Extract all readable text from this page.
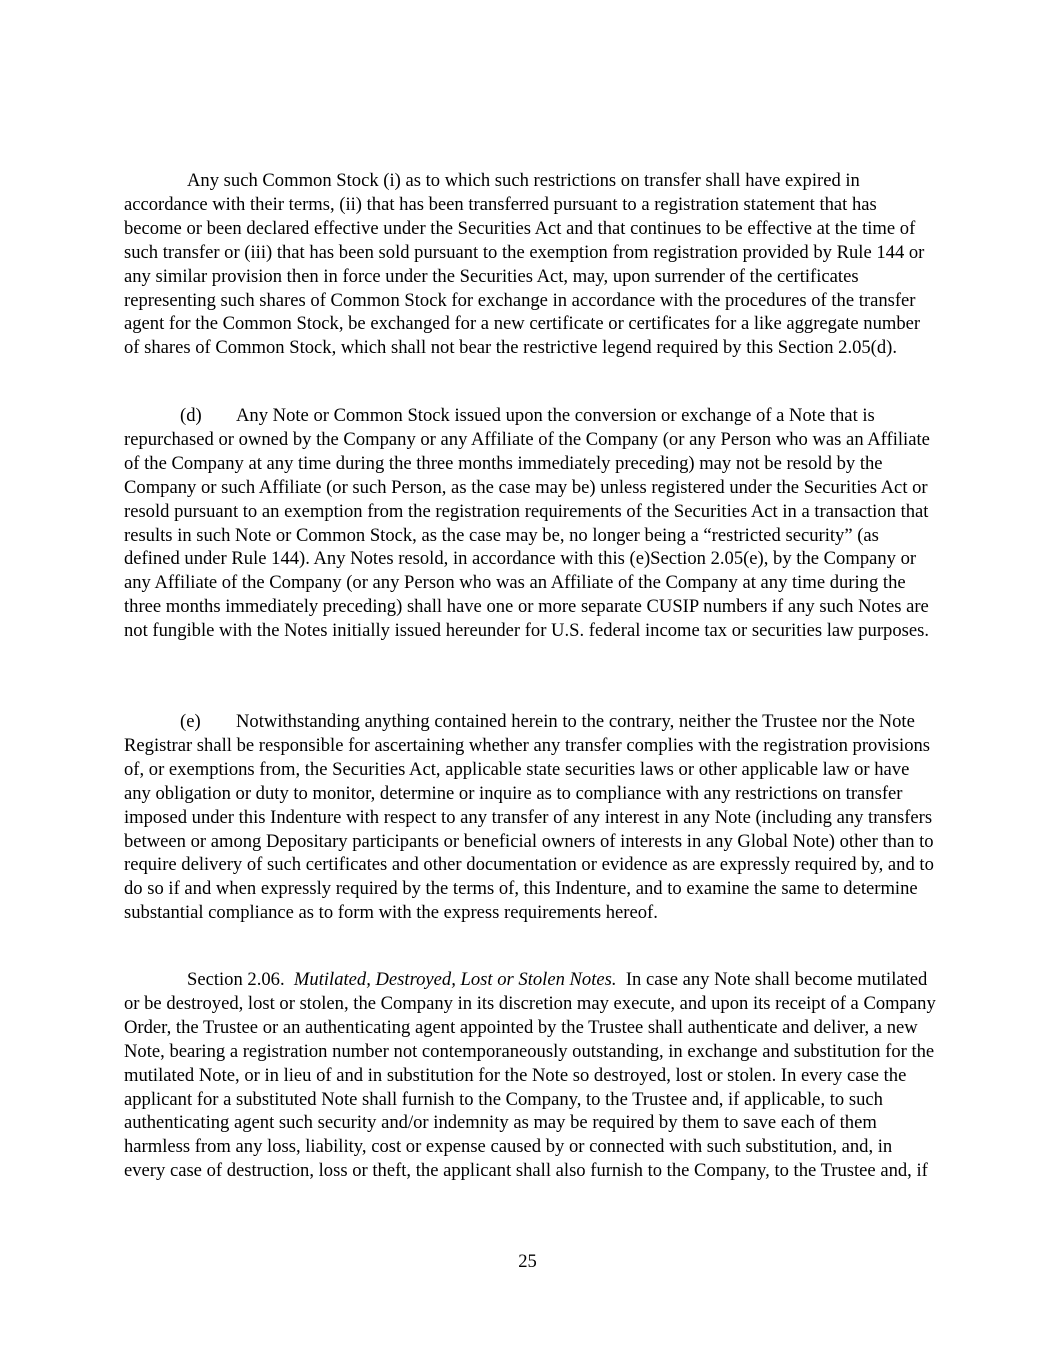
Any such Common Stock (i) as to which such restrictions on transfer shall have expired in accordance with their terms, (ii) that has been transferred pursuant to a registration statement that has become or been declared effective under the Securities Act and that continues to be effective at the time of such transfer or (iii) that has been sold pursuant to the exemption from registration provided by Rule 144 or any similar provision then in force under the Securities Act, may, upon surrender of the certificates representing such shares of Common Stock for exchange in accordance with the procedures of the transfer agent for the Common Stock, be exchanged for a new certificate or certificates for a like aggregate number of shares of Common Stock, which shall not bear the restrictive legend required by this Section 2.05(d).

(d) Any Note or Common Stock issued upon the conversion or exchange of a Note that is repurchased or owned by the Company or any Affiliate of the Company (or any Person who was an Affiliate of the Company at any time during the three months immediately preceding) may not be resold by the Company or such Affiliate (or such Person, as the case may be) unless registered under the Securities Act or resold pursuant to an exemption from the registration requirements of the Securities Act in a transaction that results in such Note or Common Stock, as the case may be, no longer being a “restricted security” (as defined under Rule 144). Any Notes resold, in accordance with this (e)Section 2.05(e), by the Company or any Affiliate of the Company (or any Person who was an Affiliate of the Company at any time during the three months immediately preceding) shall have one or more separate CUSIP numbers if any such Notes are not fungible with the Notes initially issued hereunder for U.S. federal income tax or securities law purposes.

(e) Notwithstanding anything contained herein to the contrary, neither the Trustee nor the Note Registrar shall be responsible for ascertaining whether any transfer complies with the registration provisions of, or exemptions from, the Securities Act, applicable state securities laws or other applicable law or have any obligation or duty to monitor, determine or inquire as to compliance with any restrictions on transfer imposed under this Indenture with respect to any transfer of any interest in any Note (including any transfers between or among Depositary participants or beneficial owners of interests in any Global Note) other than to require delivery of such certificates and other documentation or evidence as are expressly required by, and to do so if and when expressly required by the terms of, this Indenture, and to examine the same to determine substantial compliance as to form with the express requirements hereof.

Section 2.06. Mutilated, Destroyed, Lost or Stolen Notes. In case any Note shall become mutilated or be destroyed, lost or stolen, the Company in its discretion may execute, and upon its receipt of a Company Order, the Trustee or an authenticating agent appointed by the Trustee shall authenticate and deliver, a new Note, bearing a registration number not contemporaneously outstanding, in exchange and substitution for the mutilated Note, or in lieu of and in substitution for the Note so destroyed, lost or stolen. In every case the applicant for a substituted Note shall furnish to the Company, to the Trustee and, if applicable, to such authenticating agent such security and/or indemnity as may be required by them to save each of them harmless from any loss, liability, cost or expense caused by or connected with such substitution, and, in every case of destruction, loss or theft, the applicant shall also furnish to the Company, to the Trustee and, if

25
